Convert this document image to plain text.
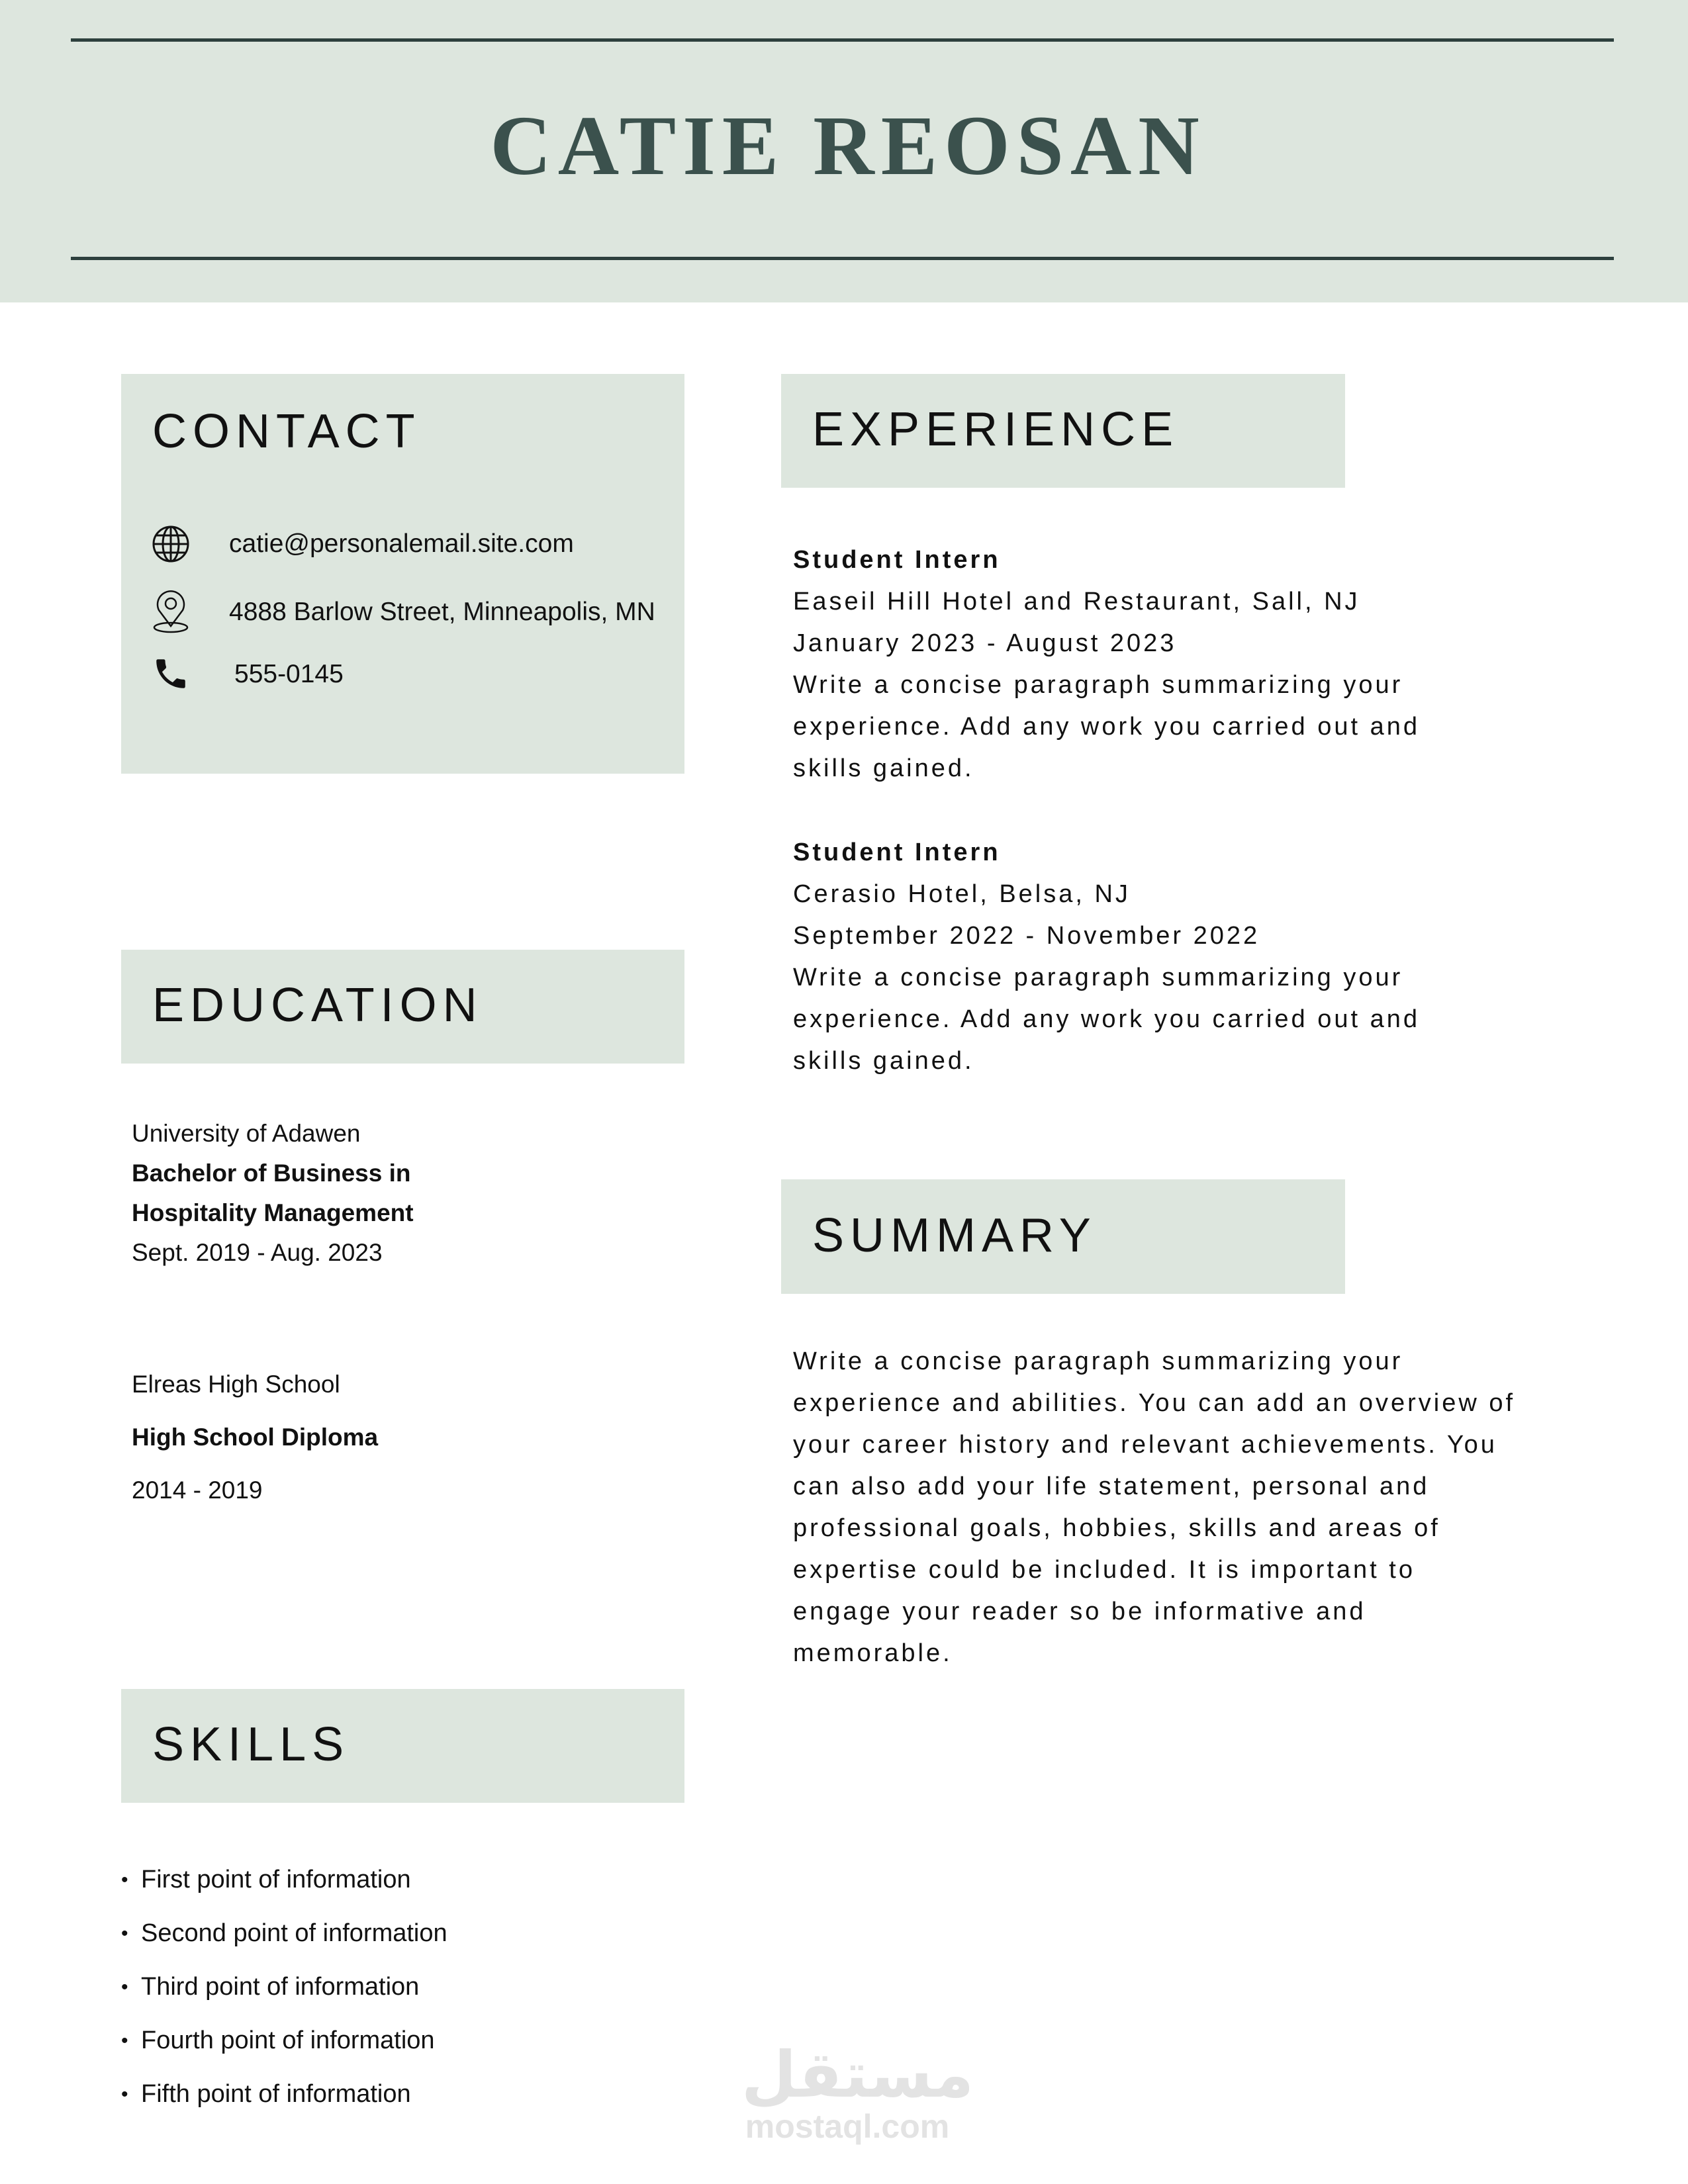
CATIE REOSAN
CONTACT
catie@personalemail.site.com
4888 Barlow Street, Minneapolis, MN
555-0145
EDUCATION
University of Adawen
Bachelor of Business in
Hospitality Management
Sept. 2019 - Aug. 2023
Elreas High School
High School Diploma
2014 - 2019
SKILLS
• First point of information
• Second point of information
• Third point of information
• Fourth point of information
• Fifth point of information
EXPERIENCE
Student Intern
Easeil Hill Hotel and Restaurant, Sall, NJ
January 2023 - August 2023
Write a concise paragraph summarizing your
experience. Add any work you carried out and
skills gained.
Student Intern
Cerasio Hotel, Belsa, NJ
September 2022 - November 2022
Write a concise paragraph summarizing your
experience. Add any work you carried out and
skills gained.
SUMMARY
Write a concise paragraph summarizing your
experience and abilities. You can add an overview of
your career history and relevant achievements. You
can also add your life statement, personal and
professional goals, hobbies, skills and areas of
expertise could be included. It is important to
engage your reader so be informative and
memorable.
مستقل
mostaql.com
